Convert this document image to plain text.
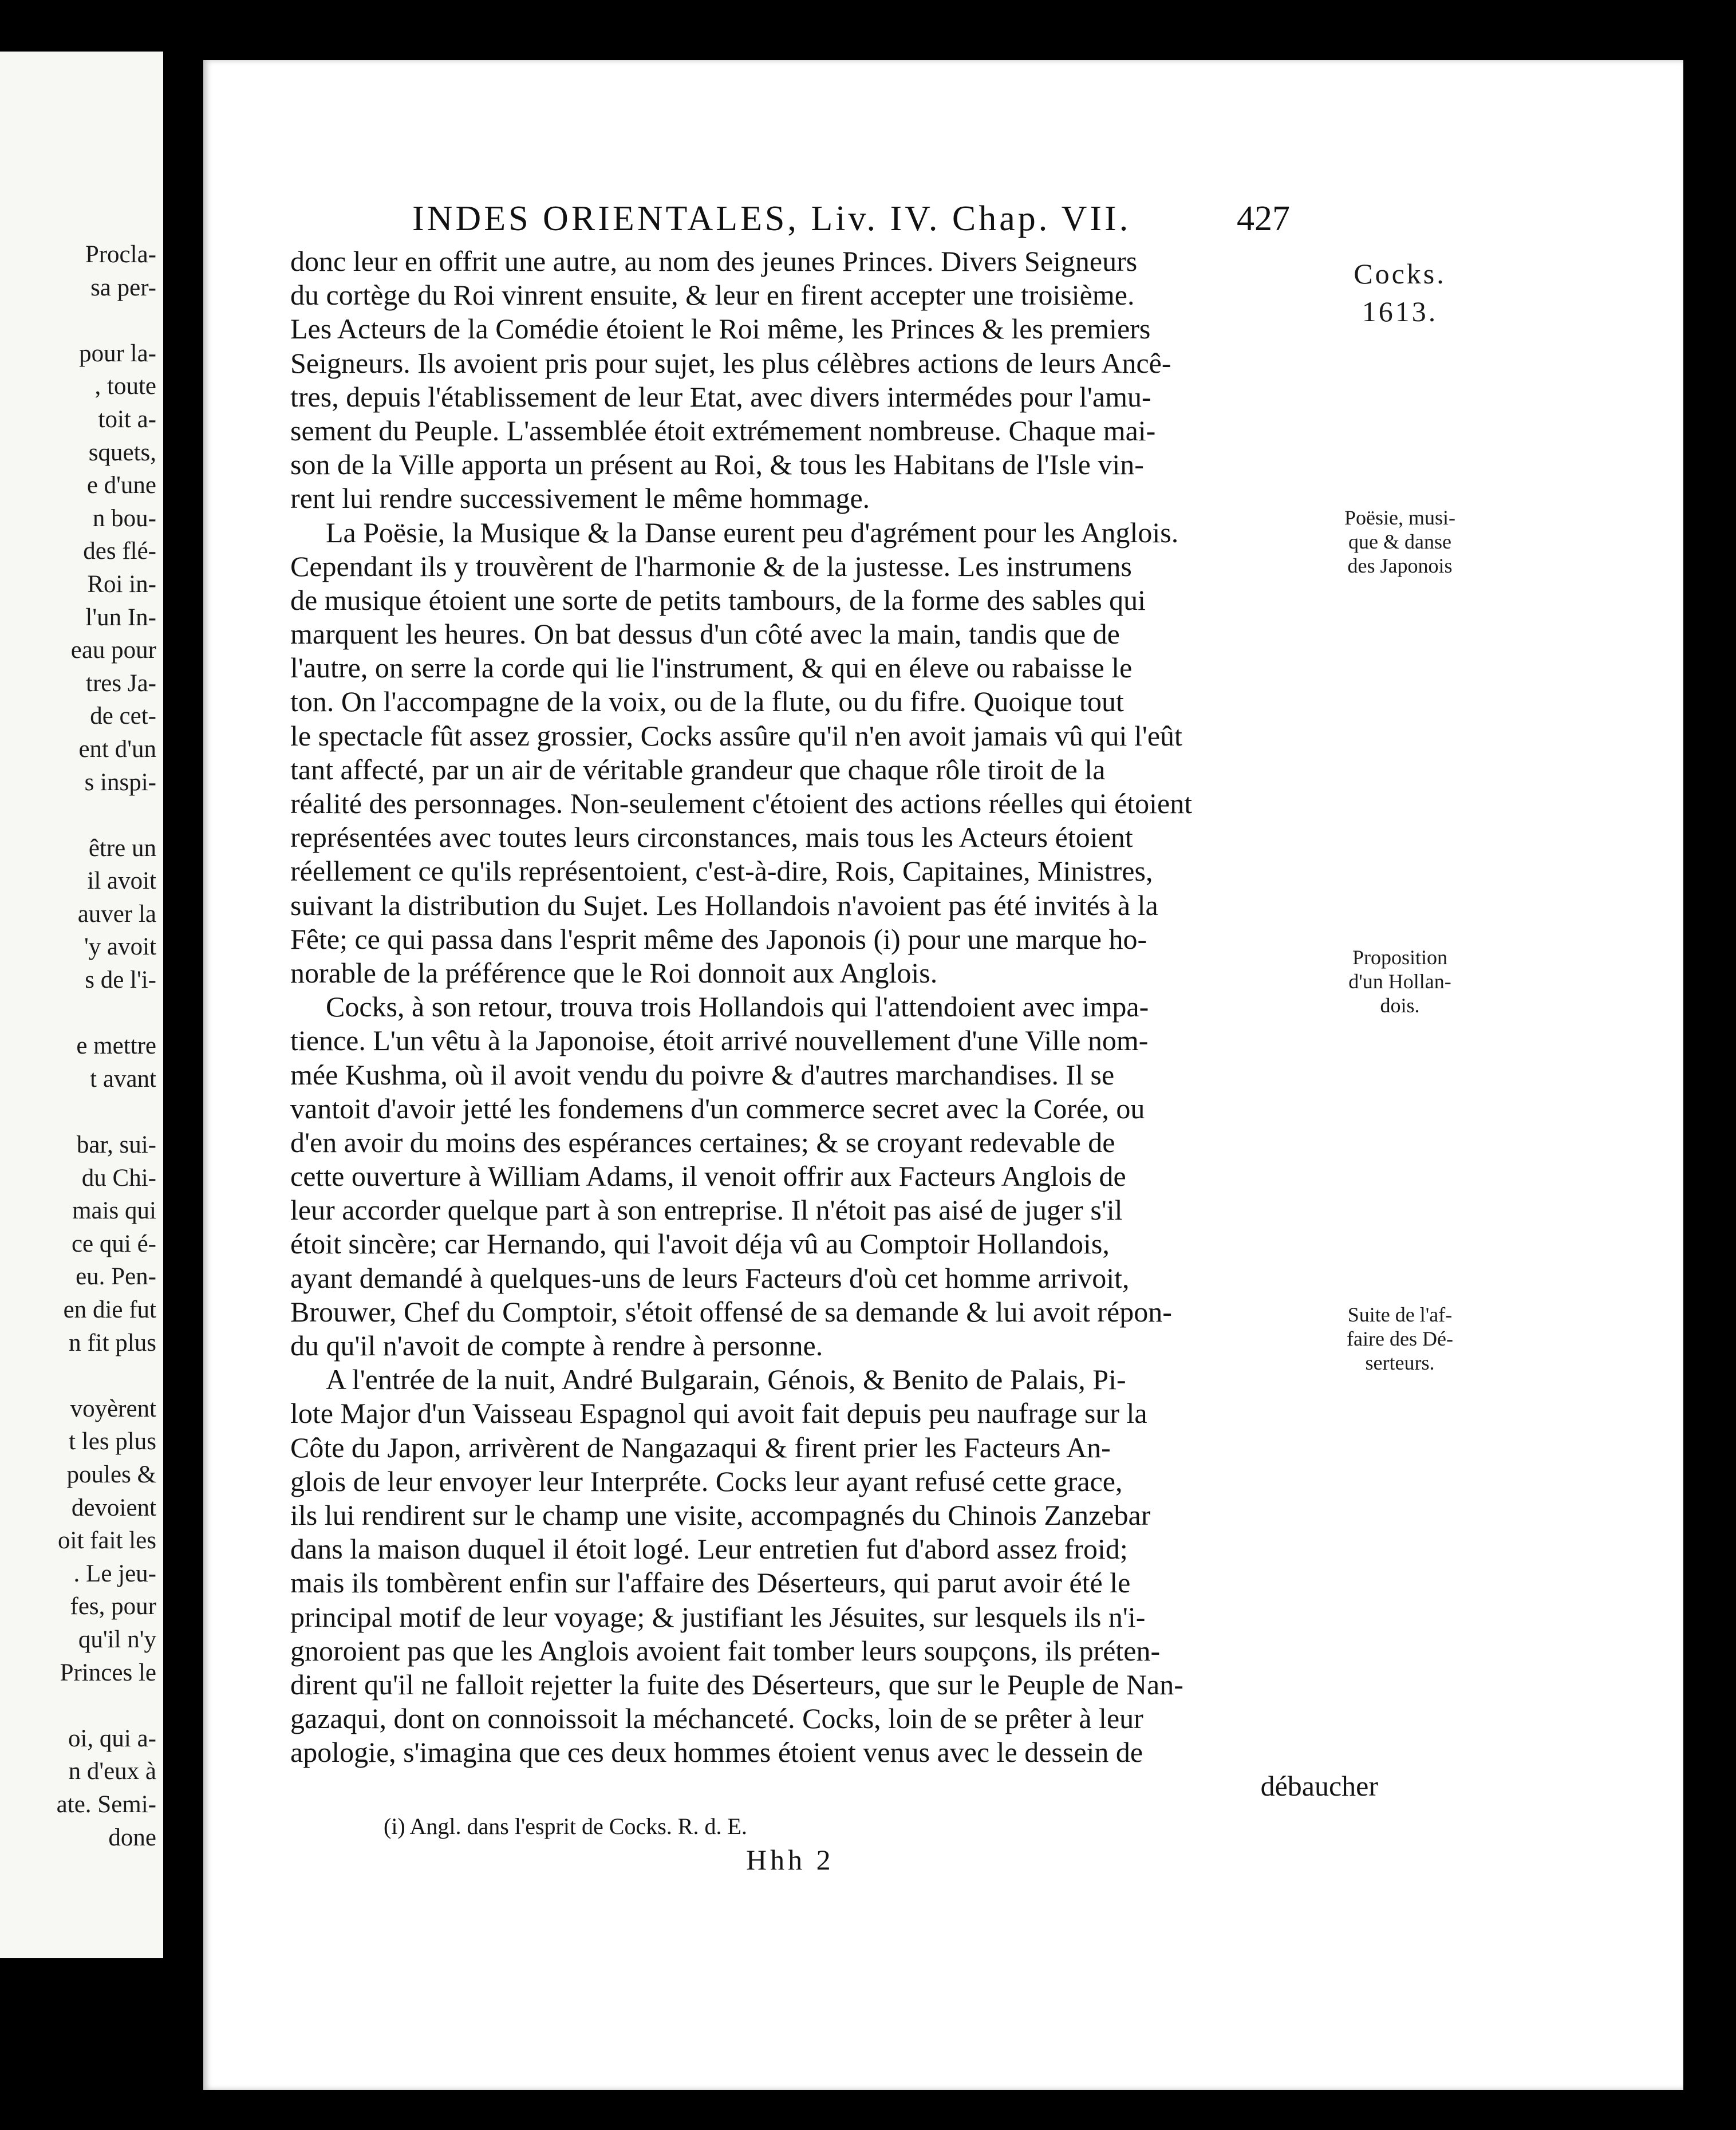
Procla-
sa per-
pour la-
, toute
toit a-
squets,
e d'une
n bou-
des flé-
Roi in-
l'un In-
eau pour
tres Ja-
de cet-
ent d'un
s inspi-
être un
il avoit
auver la
'y avoit
s de l'i-
e mettre
t avant
bar, sui-
du Chi-
mais qui
ce qui é-
eu. Pen-
en die fut
n fit plus
voyèrent
t les plus
poules &
devoient
oit fait les
. Le jeu-
fes, pour
qu'il n'y
Princes le
oi, qui a-
n d'eux à
ate. Semi-
done
INDES ORIENTALES, Liv. IV. Chap. VII.	427
donc leur en offrit une autre, au nom des jeunes Princes. Divers Seigneurs
du cortège du Roi vinrent ensuite, & leur en firent accepter une troisième.
Les Acteurs de la Comédie étoient le Roi même, les Princes & les premiers
Seigneurs. Ils avoient pris pour sujet, les plus célèbres actions de leurs Ancê-
tres, depuis l'établissement de leur Etat, avec divers intermédes pour l'amu-
sement du Peuple. L'assemblée étoit extrémement nombreuse. Chaque mai-
son de la Ville apporta un présent au Roi, & tous les Habitans de l'Isle vin-
rent lui rendre successivement le même hommage.
La Poësie, la Musique & la Danse eurent peu d'agrément pour les Anglois.
Cependant ils y trouvèrent de l'harmonie & de la justesse. Les instrumens
de musique étoient une sorte de petits tambours, de la forme des sables qui
marquent les heures. On bat dessus d'un côté avec la main, tandis que de
l'autre, on serre la corde qui lie l'instrument, & qui en éleve ou rabaisse le
ton. On l'accompagne de la voix, ou de la flute, ou du fifre. Quoique tout
le spectacle fût assez grossier, Cocks assûre qu'il n'en avoit jamais vû qui l'eût
tant affecté, par un air de véritable grandeur que chaque rôle tiroit de la
réalité des personnages. Non-seulement c'étoient des actions réelles qui étoient
représentées avec toutes leurs circonstances, mais tous les Acteurs étoient
réellement ce qu'ils représentoient, c'est-à-dire, Rois, Capitaines, Ministres,
suivant la distribution du Sujet. Les Hollandois n'avoient pas été invités à la
Fête; ce qui passa dans l'esprit même des Japonois (i) pour une marque ho-
norable de la préférence que le Roi donnoit aux Anglois.
Cocks, à son retour, trouva trois Hollandois qui l'attendoient avec impa-
tience. L'un vêtu à la Japonoise, étoit arrivé nouvellement d'une Ville nom-
mée Kushma, où il avoit vendu du poivre & d'autres marchandises. Il se
vantoit d'avoir jetté les fondemens d'un commerce secret avec la Corée, ou
d'en avoir du moins des espérances certaines; & se croyant redevable de
cette ouverture à William Adams, il venoit offrir aux Facteurs Anglois de
leur accorder quelque part à son entreprise. Il n'étoit pas aisé de juger s'il
étoit sincère; car Hernando, qui l'avoit déja vû au Comptoir Hollandois,
ayant demandé à quelques-uns de leurs Facteurs d'où cet homme arrivoit,
Brouwer, Chef du Comptoir, s'étoit offensé de sa demande & lui avoit répon-
du qu'il n'avoit de compte à rendre à personne.
A l'entrée de la nuit, André Bulgarain, Génois, & Benito de Palais, Pi-
lote Major d'un Vaisseau Espagnol qui avoit fait depuis peu naufrage sur la
Côte du Japon, arrivèrent de Nangazaqui & firent prier les Facteurs An-
glois de leur envoyer leur Interpréte. Cocks leur ayant refusé cette grace,
ils lui rendirent sur le champ une visite, accompagnés du Chinois Zanzebar
dans la maison duquel il étoit logé. Leur entretien fut d'abord assez froid;
mais ils tombèrent enfin sur l'affaire des Déserteurs, qui parut avoir été le
principal motif de leur voyage; & justifiant les Jésuites, sur lesquels ils n'i-
gnoroient pas que les Anglois avoient fait tomber leurs soupçons, ils préten-
dirent qu'il ne falloit rejetter la fuite des Déserteurs, que sur le Peuple de Nan-
gazaqui, dont on connoissoit la méchanceté. Cocks, loin de se prêter à leur
apologie, s'imagina que ces deux hommes étoient venus avec le dessein de
débaucher
Cocks.
1613.
Poësie, musi-
que & danse
des Japonois
Proposition
d'un Hollan-
dois.
Suite de l'af-
faire des Dé-
serteurs.
(i) Angl. dans l'esprit de Cocks. R. d. E.
Hhh 2
